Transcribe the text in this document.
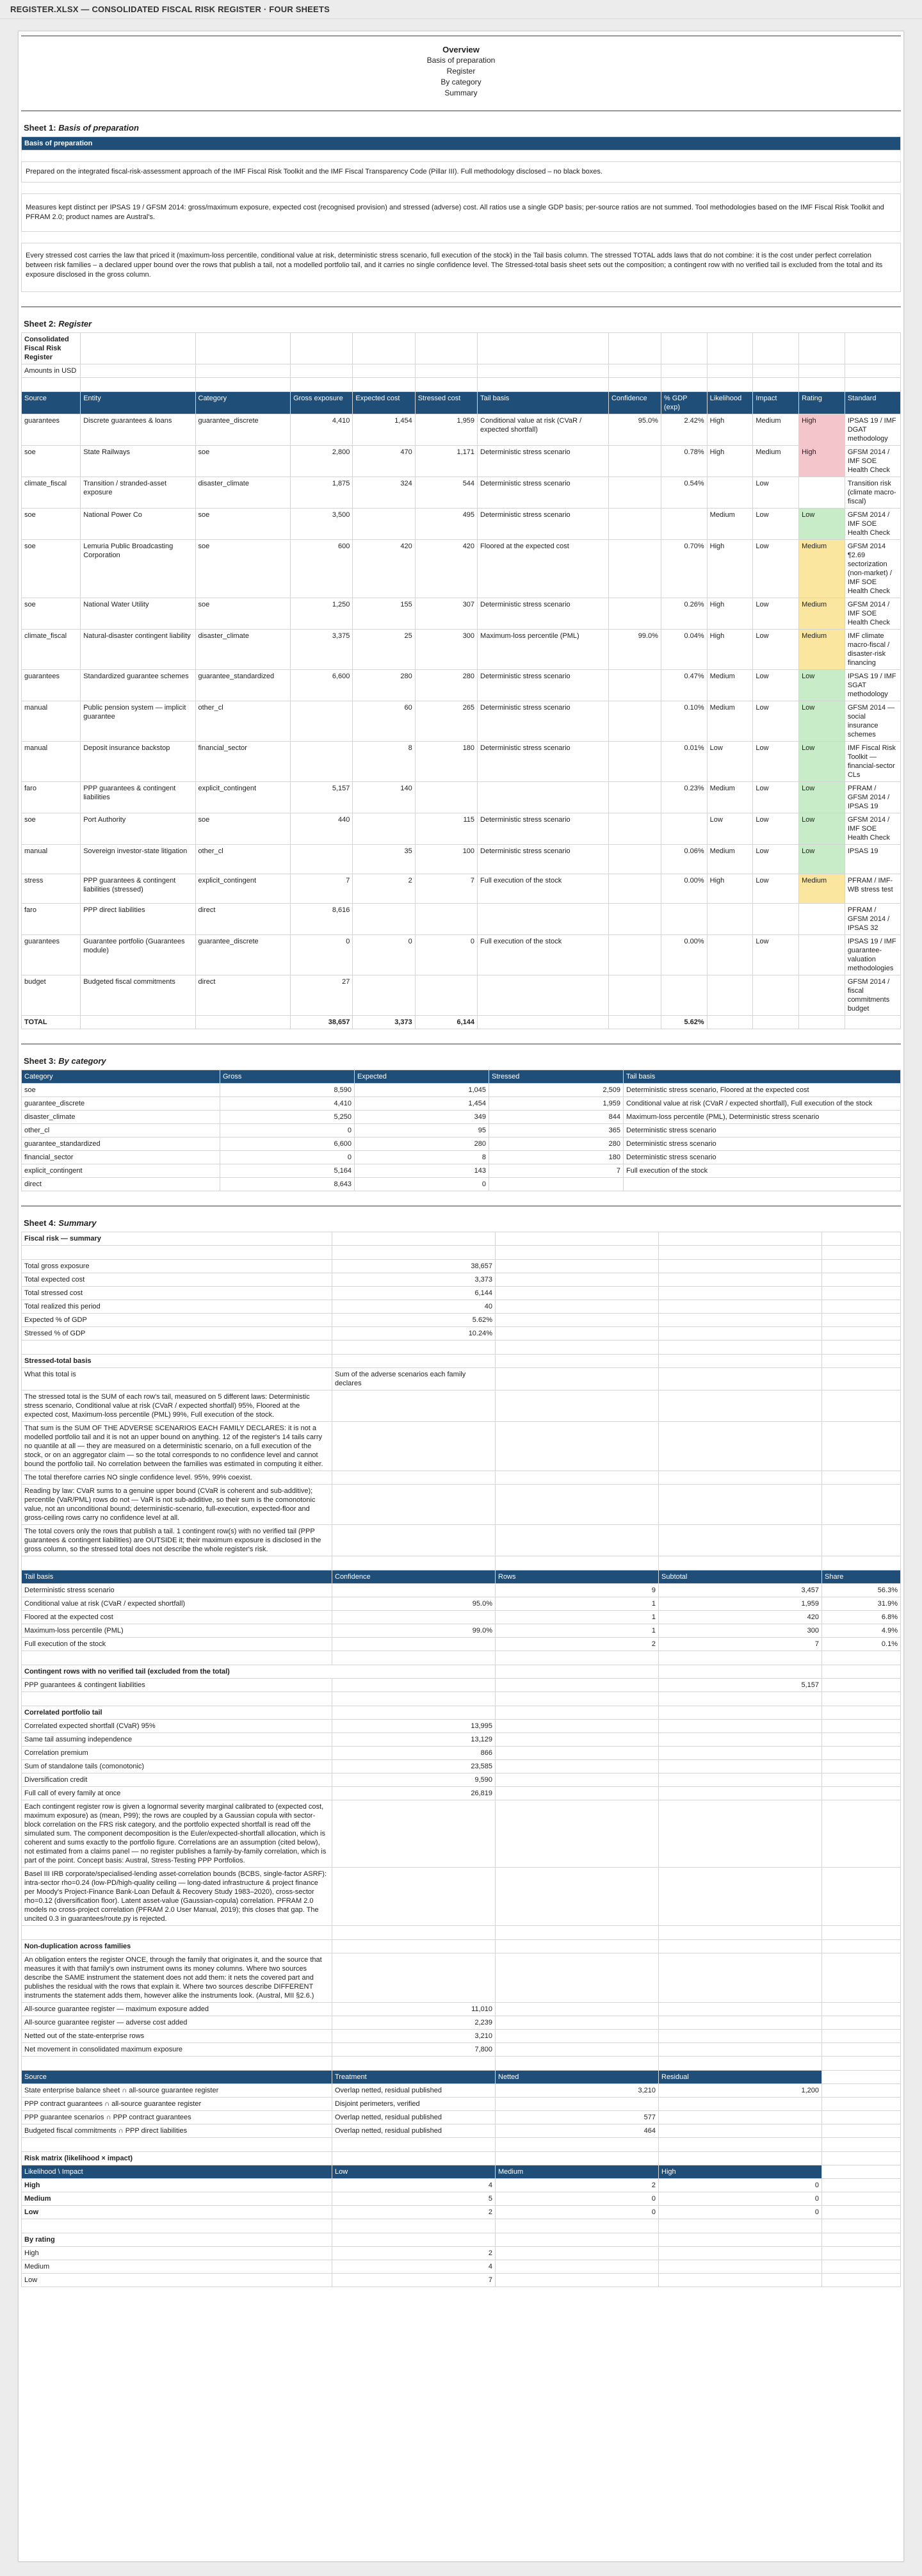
REGISTER.XLSX — CONSOLIDATED FISCAL RISK REGISTER · FOUR SHEETS
Overview
Basis of preparation
Register
By category
Summary
Sheet 1: Basis of preparation
Basis of preparation

Prepared on the integrated fiscal-risk-assessment approach of the IMF Fiscal Risk Toolkit and the IMF Fiscal Transparency Code (Pillar III). Full methodology disclosed – no black boxes.

Measures kept distinct per IPSAS 19 / GFSM 2014: gross/maximum exposure, expected cost (recognised provision) and stressed (adverse) cost. All ratios use a single GDP basis; per-source ratios are not summed. Tool methodologies based on the IMF Fiscal Risk Toolkit and PFRAM 2.0; product names are Austral's.

Every stressed cost carries the law that priced it (maximum-loss percentile, conditional value at risk, deterministic stress scenario, full execution of the stock) in the Tail basis column. The stressed TOTAL adds laws that do not combine: it is the cost under perfect correlation between risk families – a declared upper bound over the rows that publish a tail, not a modelled portfolio tail, and it carries no single confidence level. The Stressed-total basis sheet sets out the composition; a contingent row with no verified tail is excluded from the total and its exposure disclosed in the gross column.
Sheet 2: Register
Consolidated
Fiscal Risk
Register												

Amounts in USD												

Source	Entity	Category	Gross exposure	Expected cost	Stressed cost	Tail basis	Confidence	% GDP (exp)	Likelihood	Impact	Rating	Standard
guarantees	Discrete guarantees & loans	guarantee_discrete	4,410	1,454	1,959	Conditional value at risk (CVaR / expected shortfall)	95.0%	2.42%	High	Medium	High	IPSAS 19 / IMF DGAT methodology
soe	State Railways	soe	2,800	470	1,171	Deterministic stress scenario		0.78%	High	Medium	High	GFSM 2014 / IMF SOE Health Check
climate_fiscal	Transition / stranded-asset exposure	disaster_climate	1,875	324	544	Deterministic stress scenario		0.54%		Low		Transition risk (climate macro-fiscal)
soe	National Power Co	soe	3,500		495	Deterministic stress scenario			Medium	Low	Low	GFSM 2014 / IMF SOE Health Check
soe	Lemuria Public Broadcasting Corporation	soe	600	420	420	Floored at the expected cost		0.70%	High	Low	Medium	GFSM 2014 ¶2.69 sectorization (non-market) / IMF SOE Health Check
soe	National Water Utility	soe	1,250	155	307	Deterministic stress scenario		0.26%	High	Low	Medium	GFSM 2014 / IMF SOE Health Check
climate_fiscal	Natural-disaster contingent liability	disaster_climate	3,375	25	300	Maximum-loss percentile (PML)	99.0%	0.04%	High	Low	Medium	IMF climate macro-fiscal / disaster-risk financing
guarantees	Standardized guarantee schemes	guarantee_standardized	6,600	280	280	Deterministic stress scenario		0.47%	Medium	Low	Low	IPSAS 19 / IMF SGAT methodology
manual	Public pension system — implicit guarantee	other_cl		60	265	Deterministic stress scenario		0.10%	Medium	Low	Low	GFSM 2014 — social insurance schemes
manual	Deposit insurance backstop	financial_sector		8	180	Deterministic stress scenario		0.01%	Low	Low	Low	IMF Fiscal Risk Toolkit — financial-sector CLs
faro	PPP guarantees & contingent liabilities	explicit_contingent	5,157	140				0.23%	Medium	Low	Low	PFRAM / GFSM 2014 / IPSAS 19
soe	Port Authority	soe	440		115	Deterministic stress scenario			Low	Low	Low	GFSM 2014 / IMF SOE Health Check
manual	Sovereign investor-state litigation	other_cl		35	100	Deterministic stress scenario		0.06%	Medium	Low	Low	IPSAS 19
stress	PPP guarantees & contingent liabilities (stressed)	explicit_contingent	7	2	7	Full execution of the stock		0.00%	High	Low	Medium	PFRAM / IMF-WB stress test
faro	PPP direct liabilities	direct	8,616									PFRAM / GFSM 2014 / IPSAS 32
guarantees	Guarantee portfolio (Guarantees module)	guarantee_discrete	0	0	0	Full execution of the stock		0.00%		Low		IPSAS 19 / IMF guarantee-valuation methodologies
budget	Budgeted fiscal commitments	direct	27									GFSM 2014 / fiscal commitments budget
TOTAL			38,657	3,373	6,144			5.62%				
Sheet 3: By category
Category	Gross	Expected	Stressed	Tail basis
soe	8,590	1,045	2,509	Deterministic stress scenario, Floored at the expected cost
guarantee_discrete	4,410	1,454	1,959	Conditional value at risk (CVaR / expected shortfall), Full execution of the stock
disaster_climate	5,250	349	844	Maximum-loss percentile (PML), Deterministic stress scenario
other_cl	0	95	365	Deterministic stress scenario
guarantee_standardized	6,600	280	280	Deterministic stress scenario
financial_sector	0	8	180	Deterministic stress scenario
explicit_contingent	5,164	143	7	Full execution of the stock
direct	8,643	0		
Sheet 4: Summary
Fiscal risk — summary				

Total gross exposure	38,657			
Total expected cost	3,373			
Total stressed cost	6,144			
Total realized this period	40			
Expected % of GDP	5.62%			
Stressed % of GDP	10.24%			

Stressed-total basis				
What this total is	Sum of the adverse scenarios each family declares			
The stressed total is the SUM of each row's tail, measured on 5 different laws: Deterministic stress scenario, Conditional value at risk (CVaR / expected shortfall) 95%, Floored at the expected cost, Maximum-loss percentile (PML) 99%, Full execution of the stock.				
That sum is the SUM OF THE ADVERSE SCENARIOS EACH FAMILY DECLARES: it is not a modelled portfolio tail and it is not an upper bound on anything. 12 of the register's 14 tails carry no quantile at all — they are measured on a deterministic scenario, on a full execution of the stock, or on an aggregator claim — so the total corresponds to no confidence level and cannot bound the portfolio tail. No correlation between the families was estimated in computing it either.				
The total therefore carries NO single confidence level. 95%, 99% coexist.				
Reading by law: CVaR sums to a genuine upper bound (CVaR is coherent and sub-additive); percentile (VaR/PML) rows do not — VaR is not sub-additive, so their sum is the comonotonic value, not an unconditional bound; deterministic-scenario, full-execution, expected-floor and gross-ceiling rows carry no confidence level at all.				
The total covers only the rows that publish a tail. 1 contingent row(s) with no verified tail (PPP guarantees & contingent liabilities) are OUTSIDE it; their maximum exposure is disclosed in the gross column, so the stressed total does not describe the whole register's risk.				

Tail basis	Confidence	Rows	Subtotal	Share
Deterministic stress scenario		9	3,457	56.3%
Conditional value at risk (CVaR / expected shortfall)	95.0%	1	1,959	31.9%
Floored at the expected cost		1	420	6.8%
Maximum-loss percentile (PML)	99.0%	1	300	4.9%
Full execution of the stock		2	7	0.1%

Contingent rows with no verified tail (excluded from the total)				
PPP guarantees & contingent liabilities			5,157	

Correlated portfolio tail				
Correlated expected shortfall (CVaR) 95%	13,995			
Same tail assuming independence	13,129			
Correlation premium	866			
Sum of standalone tails (comonotonic)	23,585			
Diversification credit	9,590			
Full call of every family at once	26,819			
Each contingent register row is given a lognormal severity marginal calibrated to (expected cost, maximum exposure) as (mean, P99); the rows are coupled by a Gaussian copula with sector-block correlation on the FRS risk category, and the portfolio expected shortfall is read off the simulated sum. The component decomposition is the Euler/expected-shortfall allocation, which is coherent and sums exactly to the portfolio figure. Correlations are an assumption (cited below), not estimated from a claims panel — no register publishes a family-by-family correlation, which is part of the point. Concept basis: Austral, Stress-Testing PPP Portfolios.				
Basel III IRB corporate/specialised-lending asset-correlation bounds (BCBS, single-factor ASRF): intra-sector rho=0.24 (low-PD/high-quality ceiling — long-dated infrastructure & project finance per Moody's Project-Finance Bank-Loan Default & Recovery Study 1983–2020), cross-sector rho=0.12 (diversification floor). Latent asset-value (Gaussian-copula) correlation. PFRAM 2.0 models no cross-project correlation (PFRAM 2.0 User Manual, 2019); this closes that gap. The uncited 0.3 in guarantees/route.py is rejected.				

Non-duplication across families				
An obligation enters the register ONCE, through the family that originates it, and the source that measures it with that family's own instrument owns its money columns. Where two sources describe the SAME instrument the statement does not add them: it nets the covered part and publishes the residual with the rows that explain it. Where two sources describe DIFFERENT instruments the statement adds them, however alike the instruments look. (Austral, MII §2.6.)				
All-source guarantee register — maximum exposure added	11,010			
All-source guarantee register — adverse cost added	2,239			
Netted out of the state-enterprise rows	3,210			
Net movement in consolidated maximum exposure	7,800			

Source	Treatment	Netted	Residual	
State enterprise balance sheet ∩ all-source guarantee register	Overlap netted, residual published	3,210	1,200	
PPP contract guarantees ∩ all-source guarantee register	Disjoint perimeters, verified			
PPP guarantee scenarios ∩ PPP contract guarantees	Overlap netted, residual published	577		
Budgeted fiscal commitments ∩ PPP direct liabilities	Overlap netted, residual published	464		

Risk matrix (likelihood × impact)				
Likelihood \ Impact	Low	Medium	High	
High	4	2	0	
Medium	5	0	0	
Low	2	0	0	

By rating				
High	2			
Medium	4			
Low	7			
